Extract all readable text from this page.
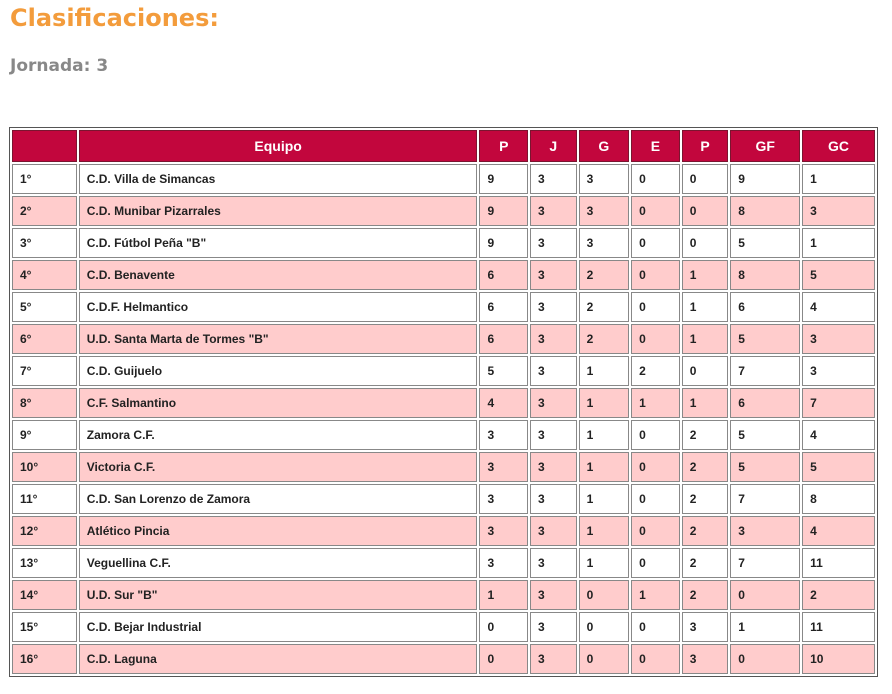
Clasificaciones:
Jornada: 3
	Equipo	P	J	G	E	P	GF	GC
1°	C.D. Villa de Simancas	9	3	3	0	0	9	1
2°	C.D. Munibar Pizarrales	9	3	3	0	0	8	3
3°	C.D. Fútbol Peña "B"	9	3	3	0	0	5	1
4°	C.D. Benavente	6	3	2	0	1	8	5
5°	C.D.F. Helmantico	6	3	2	0	1	6	4
6°	U.D. Santa Marta de Tormes "B"	6	3	2	0	1	5	3
7°	C.D. Guijuelo	5	3	1	2	0	7	3
8°	C.F. Salmantino	4	3	1	1	1	6	7
9°	Zamora C.F.	3	3	1	0	2	5	4
10°	Victoria C.F.	3	3	1	0	2	5	5
11°	C.D. San Lorenzo de Zamora	3	3	1	0	2	7	8
12°	Atlético Pincia	3	3	1	0	2	3	4
13°	Veguellina C.F.	3	3	1	0	2	7	11
14°	U.D. Sur "B"	1	3	0	1	2	0	2
15°	C.D. Bejar Industrial	0	3	0	0	3	1	11
16°	C.D. Laguna	0	3	0	0	3	0	10
